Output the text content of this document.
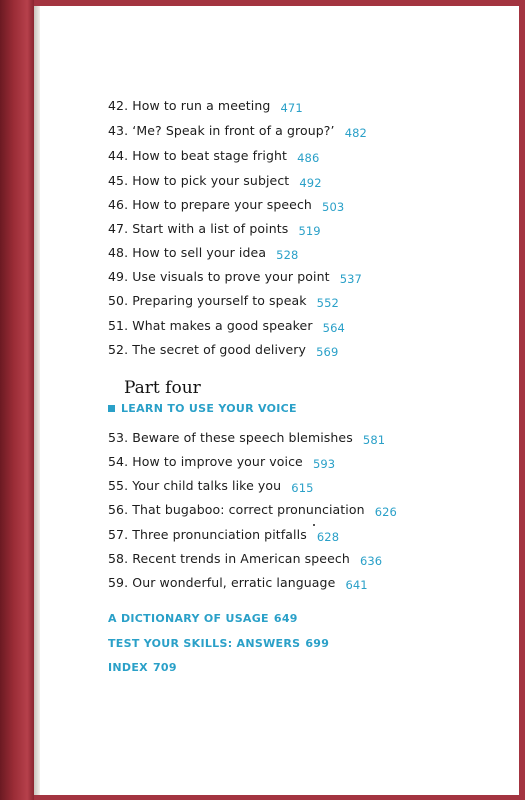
42. How to run a meeting 471
43. ‘Me? Speak in front of a group?’ 482
44. How to beat stage fright 486
45. How to pick your subject 492
46. How to prepare your speech 503
47. Start with a list of points 519
48. How to sell your idea 528
49. Use visuals to prove your point 537
50. Preparing yourself to speak 552
51. What makes a good speaker 564
52. The secret of good delivery 569
Part four
LEARN TO USE YOUR VOICE
53. Beware of these speech blemishes 581
54. How to improve your voice 593
55. Your child talks like you 615
56. That bugaboo: correct pronunciation 626
57. Three pronunciation pitfalls 628
58. Recent trends in American speech 636
59. Our wonderful, erratic language 641
A DICTIONARY OF USAGE 649
TEST YOUR SKILLS: ANSWERS 699
INDEX 709
